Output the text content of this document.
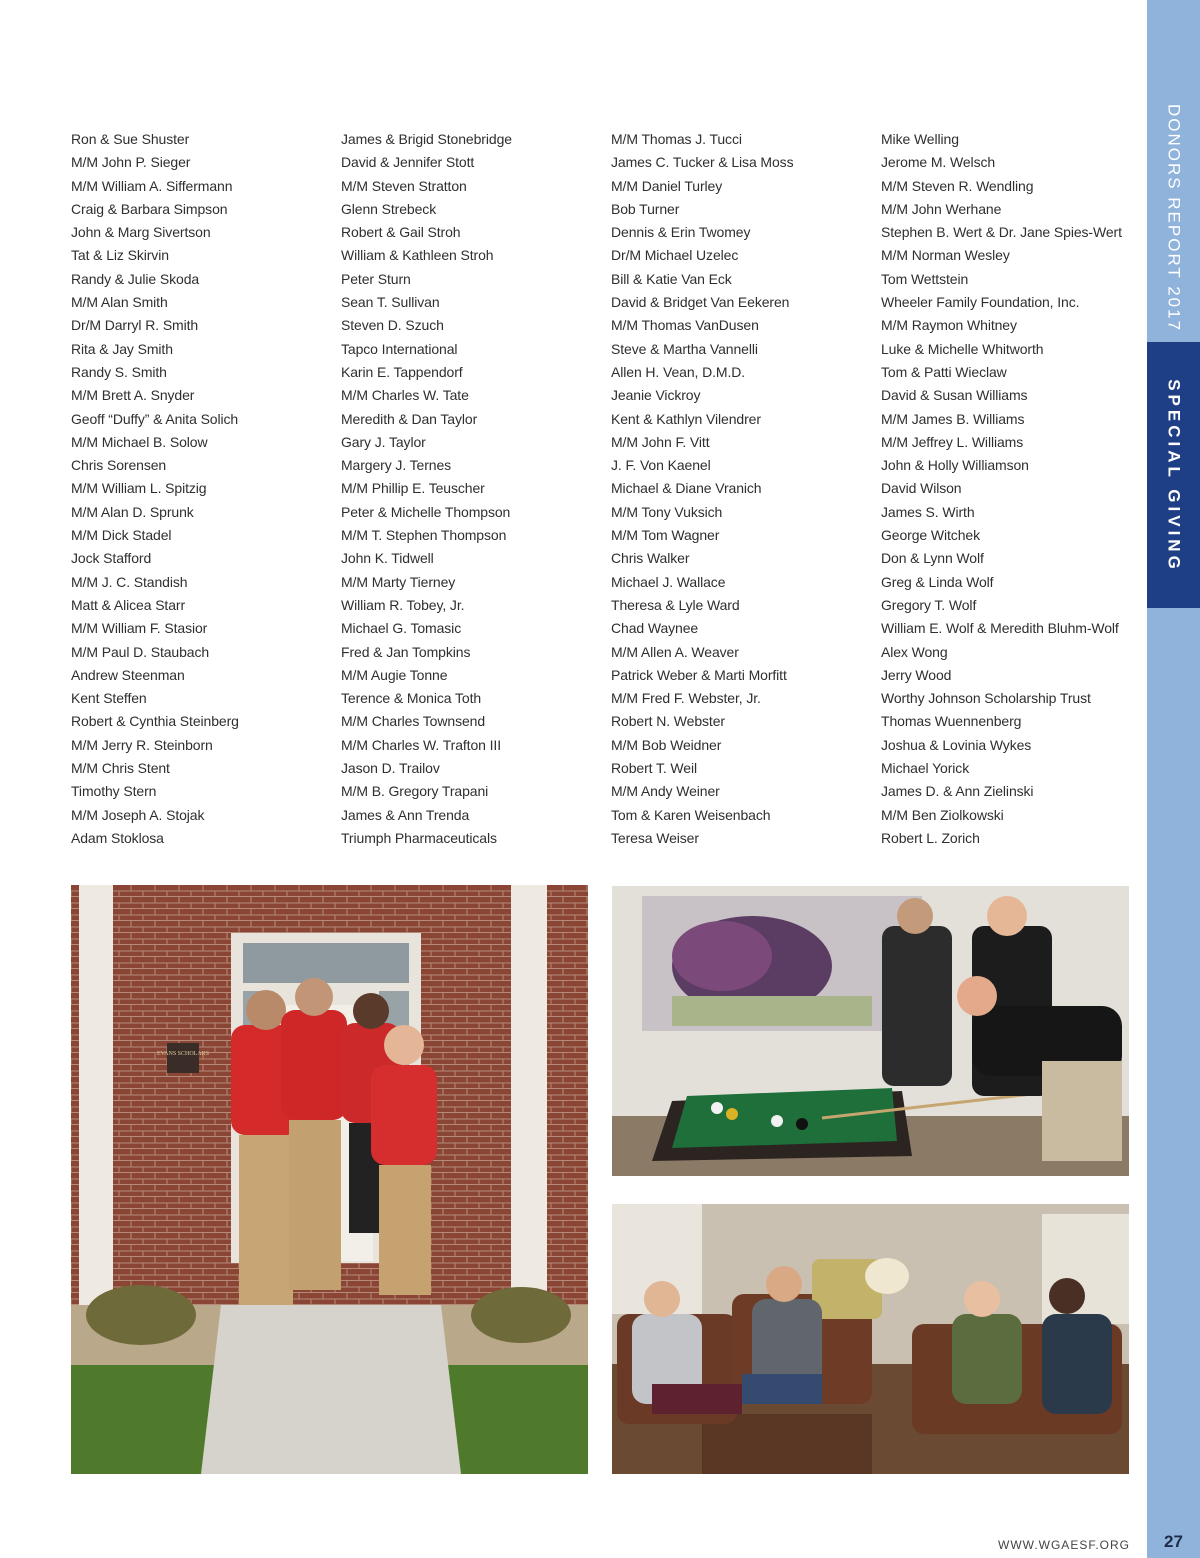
DONORS REPORT 2017
SPECIAL GIVING
Ron & Sue Shuster
M/M John P. Sieger
M/M William A. Siffermann
Craig & Barbara Simpson
John & Marg Sivertson
Tat & Liz Skirvin
Randy & Julie Skoda
M/M Alan Smith
Dr/M Darryl R. Smith
Rita & Jay Smith
Randy S. Smith
M/M Brett A. Snyder
Geoff “Duffy” & Anita Solich
M/M Michael B. Solow
Chris Sorensen
M/M William L. Spitzig
M/M Alan D. Sprunk
M/M Dick Stadel
Jock Stafford
M/M J. C. Standish
Matt & Alicea Starr
M/M William F. Stasior
M/M Paul D. Staubach
Andrew Steenman
Kent Steffen
Robert & Cynthia Steinberg
M/M Jerry R. Steinborn
M/M Chris Stent
Timothy Stern
M/M Joseph A. Stojak
Adam Stoklosa
James & Brigid Stonebridge
David & Jennifer Stott
M/M Steven Stratton
Glenn Strebeck
Robert & Gail Stroh
William & Kathleen Stroh
Peter Sturn
Sean T. Sullivan
Steven D. Szuch
Tapco International
Karin E. Tappendorf
M/M Charles W. Tate
Meredith & Dan Taylor
Gary J. Taylor
Margery J. Ternes
M/M Phillip E. Teuscher
Peter & Michelle Thompson
M/M T. Stephen Thompson
John K. Tidwell
M/M Marty Tierney
William R. Tobey, Jr.
Michael G. Tomasic
Fred & Jan Tompkins
M/M Augie Tonne
Terence & Monica Toth
M/M Charles Townsend
M/M Charles W. Trafton III
Jason D. Trailov
M/M B. Gregory Trapani
James & Ann Trenda
Triumph Pharmaceuticals
M/M Thomas J. Tucci
James C. Tucker & Lisa Moss
M/M Daniel Turley
Bob Turner
Dennis & Erin Twomey
Dr/M Michael Uzelec
Bill & Katie Van Eck
David & Bridget Van Eekeren
M/M Thomas VanDusen
Steve & Martha Vannelli
Allen H. Vean, D.M.D.
Jeanie Vickroy
Kent & Kathlyn Vilendrer
M/M John F. Vitt
J. F. Von Kaenel
Michael & Diane Vranich
M/M Tony Vuksich
M/M Tom Wagner
Chris Walker
Michael J. Wallace
Theresa & Lyle Ward
Chad Waynee
M/M Allen A. Weaver
Patrick Weber & Marti Morfitt
M/M Fred F. Webster, Jr.
Robert N. Webster
M/M Bob Weidner
Robert T. Weil
M/M Andy Weiner
Tom & Karen Weisenbach
Teresa Weiser
Mike Welling
Jerome M. Welsch
M/M Steven R. Wendling
M/M John Werhane
Stephen B. Wert & Dr. Jane Spies-Wert
M/M Norman Wesley
Tom Wettstein
Wheeler Family Foundation, Inc.
M/M Raymon Whitney
Luke & Michelle Whitworth
Tom & Patti Wieclaw
David & Susan Williams
M/M James B. Williams
M/M Jeffrey L. Williams
John & Holly Williamson
David Wilson
James S. Wirth
George Witchek
Don & Lynn Wolf
Greg & Linda Wolf
Gregory T. Wolf
William E. Wolf & Meredith Bluhm-Wolf
Alex Wong
Jerry Wood
Worthy Johnson Scholarship Trust
Thomas Wuennenberg
Joshua & Lovinia Wykes
Michael Yorick
James D. & Ann Zielinski
M/M Ben Ziolkowski
Robert L. Zorich
EVANS SCHOLARS
WWW.WGAESF.ORG	27
